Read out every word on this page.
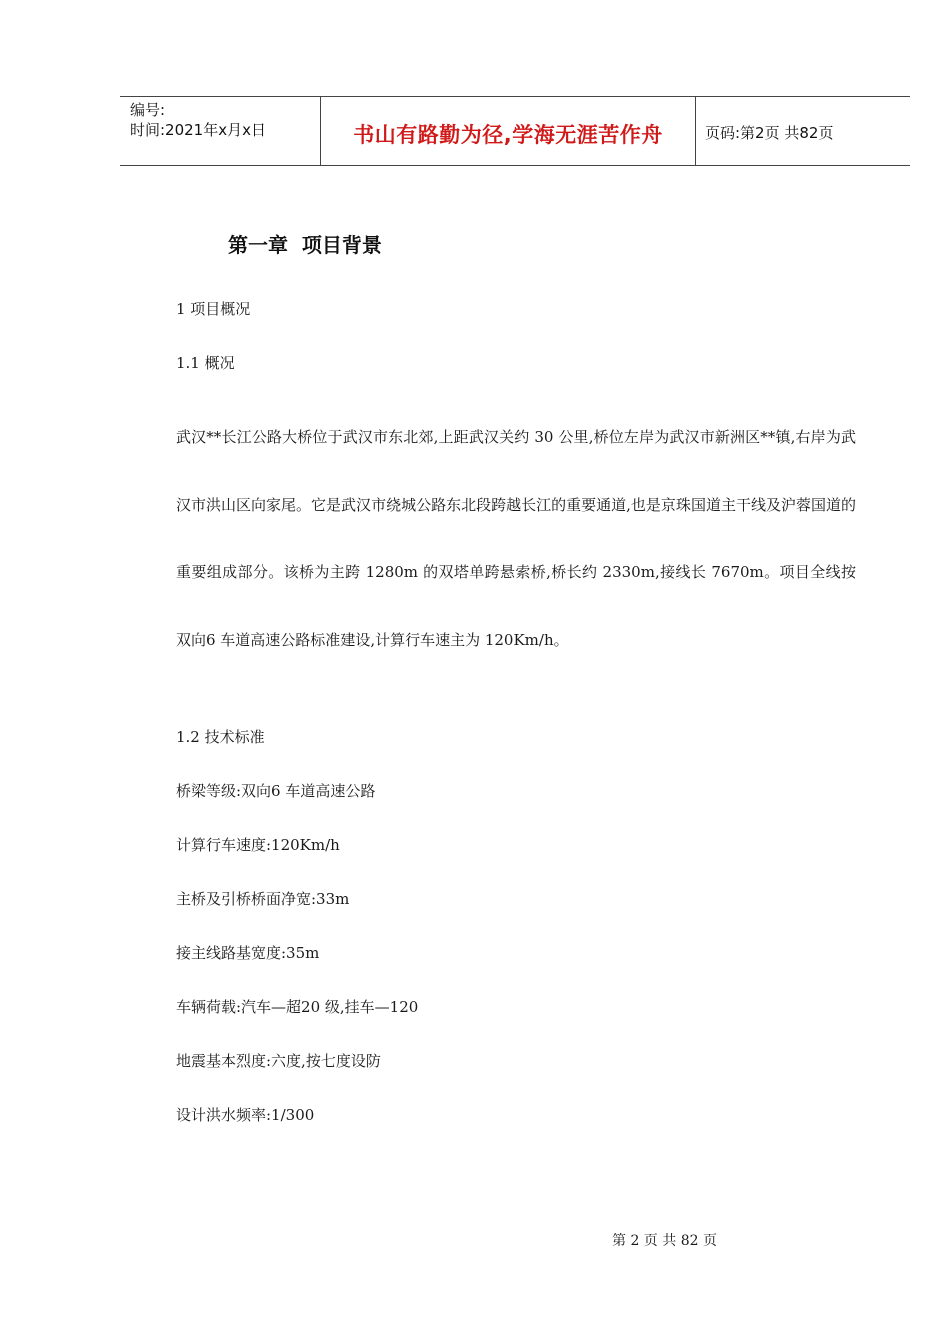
编号:
时间:2021年x月x日	书山有路勤为径,学海无涯苦作舟	页码:第2页 共82页
第一章  项目背景
1 项目概况
1.1 概况
武汉**长江公路大桥位于武汉市东北郊,上距武汉关约 30 公里,桥位左岸为武汉市新洲区**镇,右岸为武汉市洪山区向家尾。它是武汉市绕城公路东北段跨越长江的重要通道,也是京珠国道主干线及沪蓉国道的重要组成部分。该桥为主跨 1280m 的双塔单跨悬索桥,桥长约 2330m,接线长 7670m。项目全线按双向6 车道高速公路标准建设,计算行车速主为 120Km/h。
1.2 技术标准
桥梁等级:双向6 车道高速公路
计算行车速度:120Km/h
主桥及引桥桥面净宽:33m
接主线路基宽度:35m
车辆荷载:汽车—超20 级,挂车—120
地震基本烈度:六度,按七度设防
设计洪水频率:1/300
第 2 页 共 82 页
